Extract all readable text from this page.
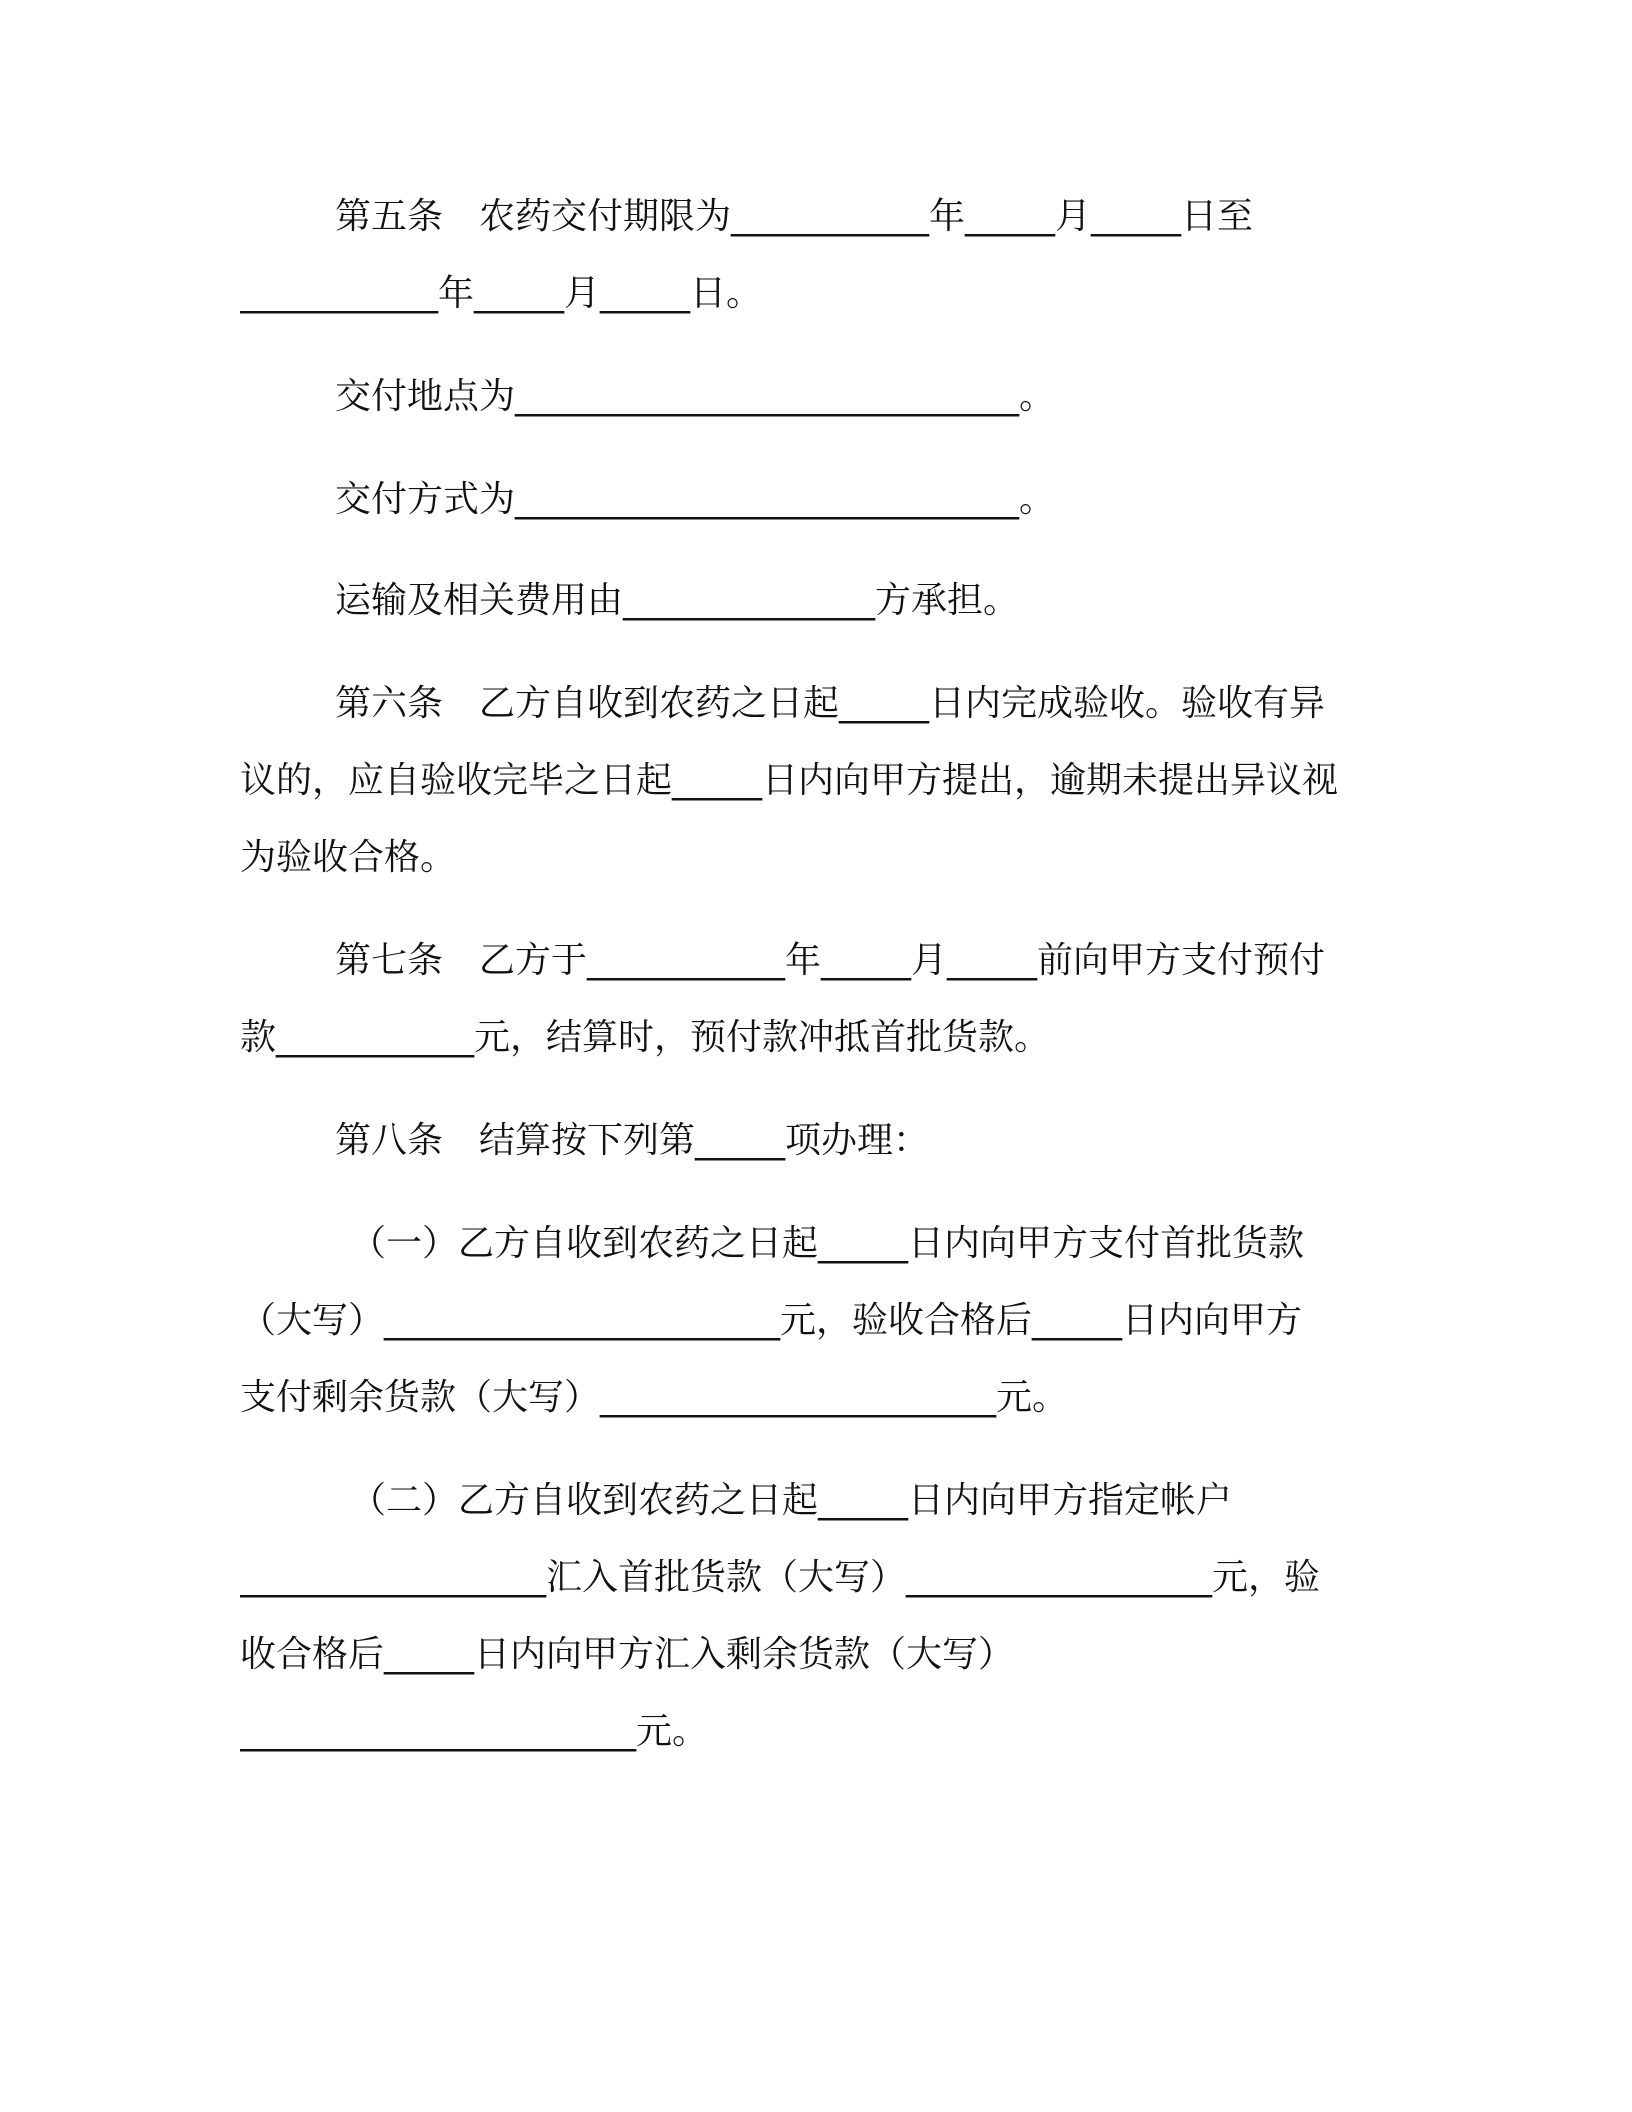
第五条　农药交付期限为___________年_____月_____日至
___________年_____月_____日。
交付地点为____________________________。
交付方式为____________________________。
运输及相关费用由______________方承担。
第六条　乙方自收到农药之日起_____日内完成验收。验收有异
议的，应自验收完毕之日起_____日内向甲方提出，逾期未提出异议视
为验收合格。
第七条　乙方于___________年_____月_____前向甲方支付预付
款___________元，结算时，预付款冲抵首批货款。
第八条　结算按下列第_____项办理：
（一）乙方自收到农药之日起_____日内向甲方支付首批货款
（大写）______________________元，验收合格后_____日内向甲方
支付剩余货款（大写）______________________元。
（二）乙方自收到农药之日起_____日内向甲方指定帐户
_________________汇入首批货款（大写）_________________元，验
收合格后_____日内向甲方汇入剩余货款（大写）
______________________元。
